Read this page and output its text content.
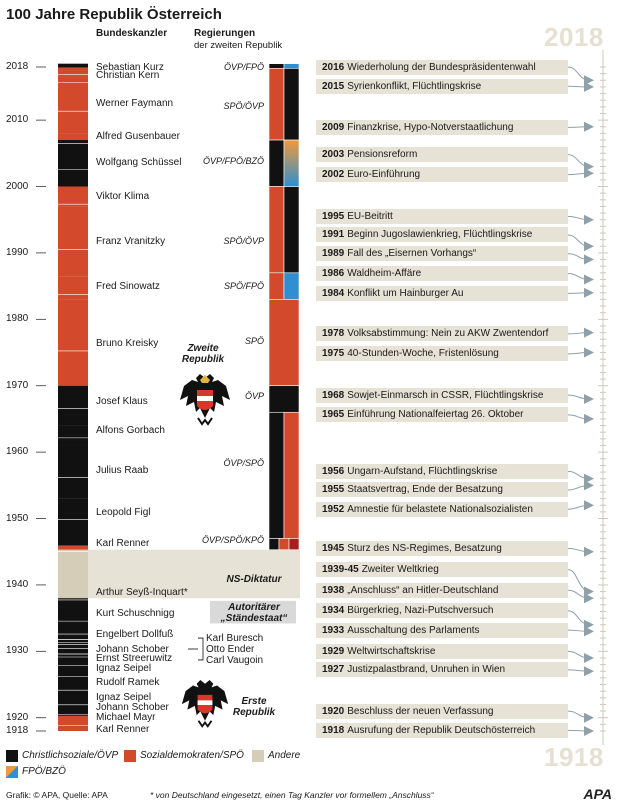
100 Jahre Republik Österreich
Bundeskanzler	Regierungen
der zweiten Republik	2018
1918
2018
2010
2000
1990
1980
1970
1960
1950
1940
1930
1920
1918
Sebastian Kurz
Christian Kern
Werner Faymann
Alfred Gusenbauer
Wolfgang Schüssel
Viktor Klima
Franz Vranitzky
Fred Sinowatz
Bruno Kreisky
Josef Klaus
Alfons Gorbach
Julius Raab
Leopold Figl
Karl Renner
Arthur Seyß-Inquart*
Kurt Schuschnigg
Engelbert Dollfuß
Johann Schober
Ernst Streeruwitz
Ignaz Seipel
Rudolf Ramek
Ignaz Seipel
Johann Schober
Michael Mayr
Karl Renner
Karl Buresch
Otto Ender
Carl Vaugoin
ÖVP/FPÖ
SPÖ/ÖVP
ÖVP/FPÖ/BZÖ
SPÖ/ÖVP
SPÖ/FPÖ
SPÖ
ÖVP
ÖVP/SPÖ
ÖVP/SPÖ/KPÖ
Zweite Republik
NS-Diktatur
Autoritärer „Ständestaat“
Erste Republik
2016 Wiederholung der Bundespräsidentenwahl
2015 Syrienkonflikt, Flüchtlingskrise
2009 Finanzkrise, Hypo-Notverstaatlichung
2003 Pensionsreform
2002 Euro-Einführung
1995 EU-Beitritt
1991 Beginn Jugoslawienkrieg, Flüchtlingskrise
1989 Fall des „Eisernen Vorhangs“
1986 Waldheim-Affäre
1984 Konflikt um Hainburger Au
1978 Volksabstimmung: Nein zu AKW Zwentendorf
1975 40-Stunden-Woche, Fristenlösung
1968 Sowjet-Einmarsch in CSSR, Flüchtlingskrise
1965 Einführung Nationalfeiertag 26. Oktober
1956 Ungarn-Aufstand, Flüchtlingskrise
1955 Staatsvertrag, Ende der Besatzung
1952 Amnestie für belastete Nationalsozialisten
1945 Sturz des NS-Regimes, Besatzung
1939-45 Zweiter Weltkrieg
1938 „Anschluss“ an Hitler-Deutschland
1934 Bürgerkrieg, Nazi-Putschversuch
1933 Ausschaltung des Parlaments
1929 Weltwirtschaftskrise
1927 Justizpalastbrand, Unruhen in Wien
1920 Beschluss der neuen Verfassung
1918 Ausrufung der Republik Deutschösterreich
Christlichsoziale/ÖVP Sozialdemokraten/SPÖ Andere
FPÖ/BZÖ
Grafik: © APA, Quelle: APA	* von Deutschland eingesetzt, einen Tag Kanzler vor formellem „Anschluss“	APA
